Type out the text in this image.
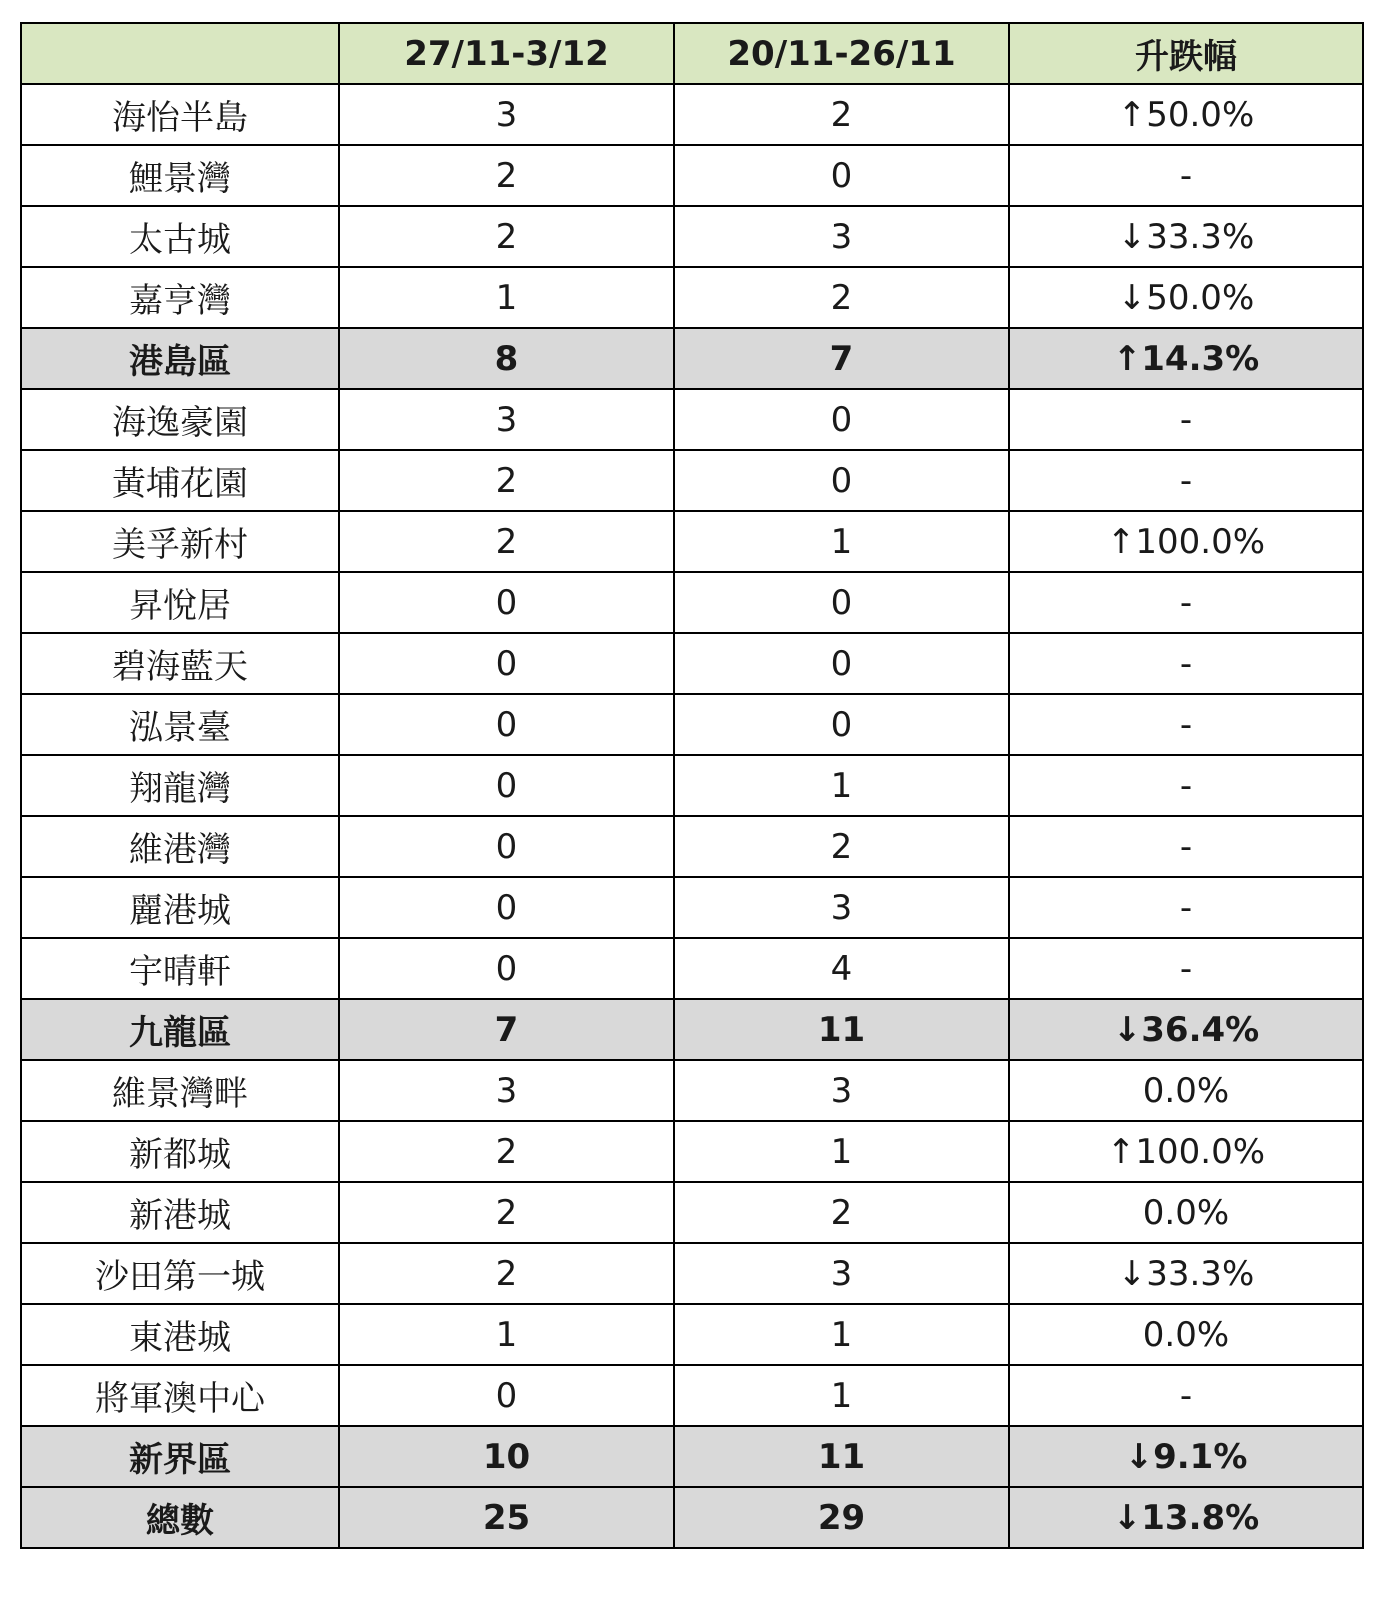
	27/11-3/12	20/11-26/11	升跌幅
海怡半島	3	2	↑50.0%
鯉景灣	2	0	-
太古城	2	3	↓33.3%
嘉亨灣	1	2	↓50.0%
港島區	8	7	↑14.3%
海逸豪園	3	0	-
黃埔花園	2	0	-
美孚新村	2	1	↑100.0%
昇悅居	0	0	-
碧海藍天	0	0	-
泓景臺	0	0	-
翔龍灣	0	1	-
維港灣	0	2	-
麗港城	0	3	-
宇晴軒	0	4	-
九龍區	7	11	↓36.4%
維景灣畔	3	3	0.0%
新都城	2	1	↑100.0%
新港城	2	2	0.0%
沙田第一城	2	3	↓33.3%
東港城	1	1	0.0%
將軍澳中心	0	1	-
新界區	10	11	↓9.1%
總數	25	29	↓13.8%
